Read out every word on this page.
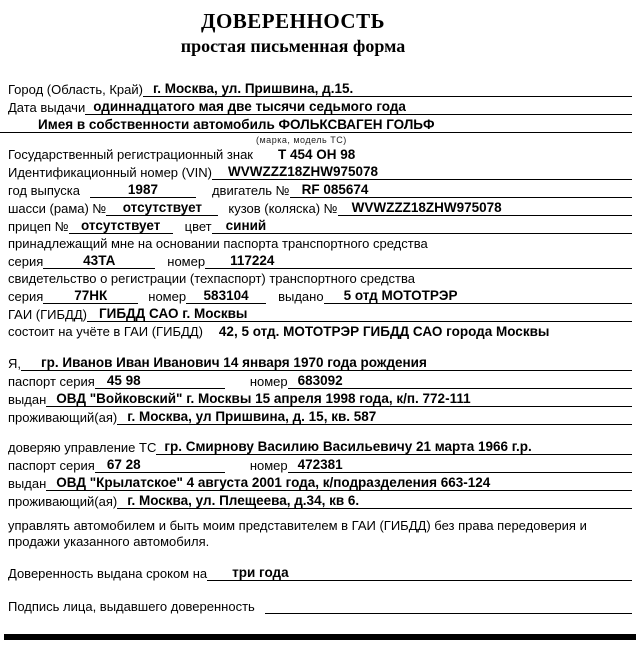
ДОВЕРЕННОСТЬ
простая письменная форма
Город (Область, Край) г. Москва, ул. Пришвина, д.15.
Дата выдачи одиннадцатого мая две тысячи седьмого года
Имея в собственности автомобиль ФОЛЬКСВАГЕН ГОЛЬФ
(марка, модель ТС)
Государственный регистрационный знак Т 454 ОН 98
Идентификационный номер (VIN)	WVWZZZ18ZHW975078
год выпуска	1987	двигатель № RF 085674
шасси (рама) №	отсутствует	кузов (коляска) №	WVWZZZ18ZHW975078
прицеп № отсутствует	цвет	синий
принадлежащий мне на основании паспорта транспортного средства
серия	43ТА	номер	117224
свидетельство о регистрации (техпаспорт) транспортного средства
серия	77НК	номер	583104	выдано	5 отд МОТОТРЭР
ГАИ (ГИБДД) ГИБДД САО г. Москвы
состоит на учёте в ГАИ (ГИБДД) 42, 5 отд. МОТОТРЭР ГИБДД САО города Москвы
Я,	гр. Иванов Иван Иванович 14 января 1970 года рождения
паспорт серия 45 98	номер 683092
выдан ОВД "Войковский" г. Москвы 15 апреля 1998 года, к/п. 772-111
проживающий(ая) г. Москва, ул Пришвина, д. 15, кв. 587
доверяю управление ТС гр. Смирнову Василию Васильевичу 21 марта 1966 г.р.
паспорт серия 67 28	номер 472381
выдан ОВД "Крылатское" 4 августа 2001 года, к/подразделения 663-124
проживающий(ая) г. Москва, ул. Плещеева, д.34, кв 6.

управлять автомобилем и быть моим представителем в ГАИ (ГИБДД) без права передоверия и продажи указанного автомобиля.

Доверенность выдана сроком на	три года
Подпись лица, выдавшего доверенность
